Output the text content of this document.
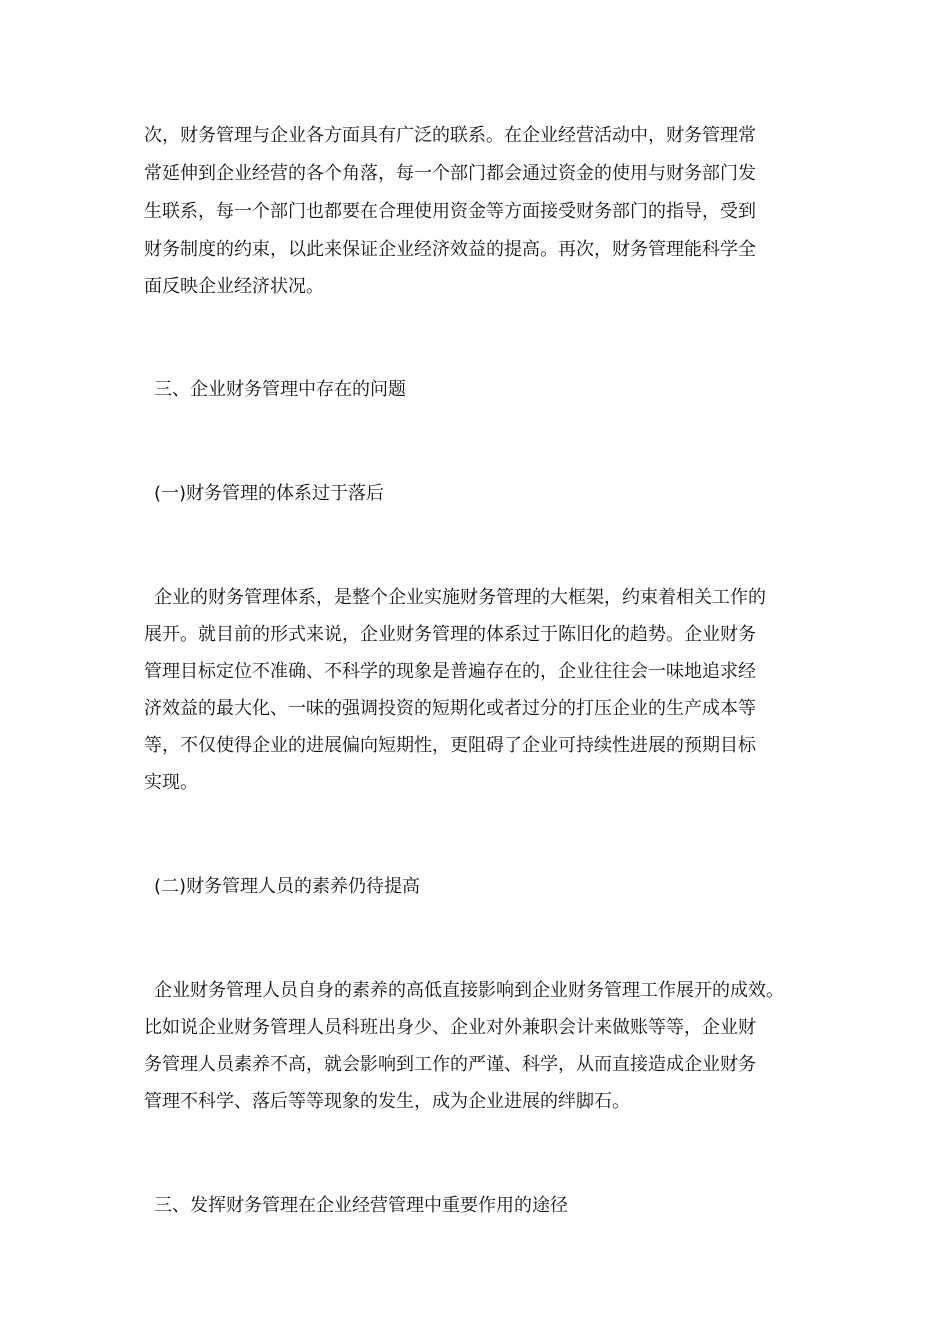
次，财务管理与企业各方面具有广泛的联系。在企业经营活动中，财务管理常
常延伸到企业经营的各个角落，每一个部门都会通过资金的使用与财务部门发
生联系，每一个部门也都要在合理使用资金等方面接受财务部门的指导，受到
财务制度的约束，以此来保证企业经济效益的提高。再次，财务管理能科学全
面反映企业经济状况。
三、企业财务管理中存在的问题
(一)财务管理的体系过于落后
企业的财务管理体系，是整个企业实施财务管理的大框架，约束着相关工作的
展开。就目前的形式来说，企业财务管理的体系过于陈旧化的趋势。企业财务
管理目标定位不准确、不科学的现象是普遍存在的，企业往往会一味地追求经
济效益的最大化、一味的强调投资的短期化或者过分的打压企业的生产成本等
等，不仅使得企业的进展偏向短期性，更阻碍了企业可持续性进展的预期目标
实现。
(二)财务管理人员的素养仍待提高
企业财务管理人员自身的素养的高低直接影响到企业财务管理工作展开的成效。
比如说企业财务管理人员科班出身少、企业对外兼职会计来做账等等，企业财
务管理人员素养不高，就会影响到工作的严谨、科学，从而直接造成企业财务
管理不科学、落后等等现象的发生，成为企业进展的绊脚石。
三、发挥财务管理在企业经营管理中重要作用的途径
